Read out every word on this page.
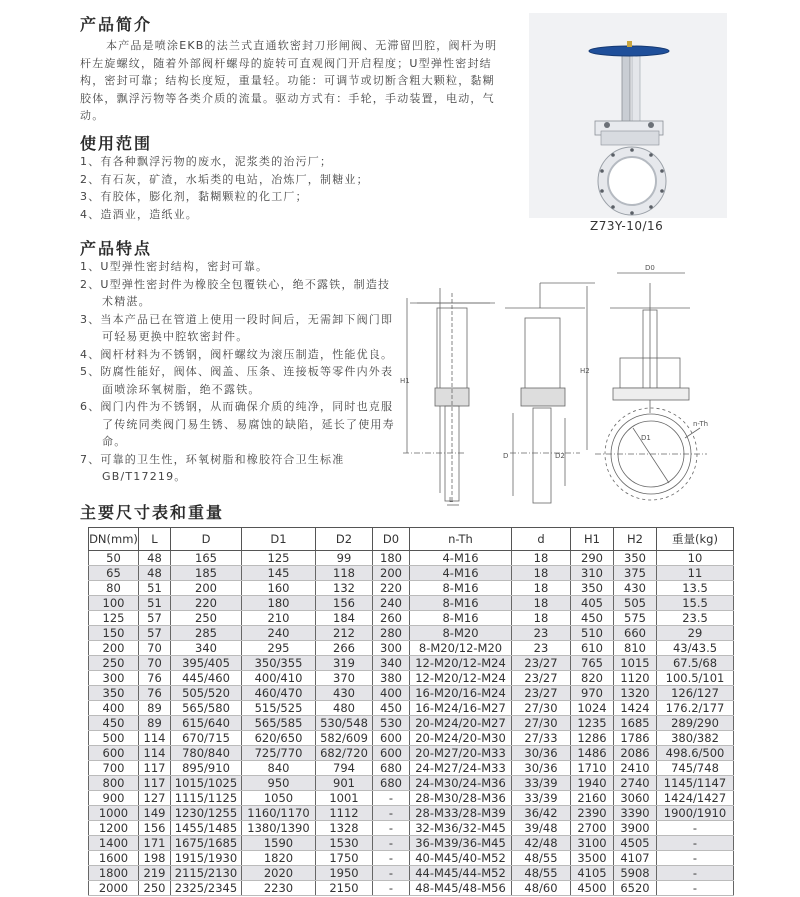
产品简介
本产品是喷涂EKB的法兰式直通软密封刀形闸阀、无滞留凹腔，阀杆为明杆左旋螺纹，随着外部阀杆螺母的旋转可直观阀门开启程度；U型弹性密封结构，密封可靠；结构长度短，重量轻。功能：可调节或切断含粗大颗粒，黏糊胶体，飘浮污物等各类介质的流量。驱动方式有：手轮，手动装置，电动，气动。
使用范围
1、有各种飘浮污物的废水，泥浆类的治污厂；
2、有石灰，矿渣，水垢类的电站，冶炼厂，制糖业；
3、有胶体，膨化剂，黏糊颗粒的化工厂；
4、造酒业，造纸业。
产品特点
1、U型弹性密封结构，密封可靠。
2、U型弹性密封件为橡胶全包覆铁心，绝不露铁，制造技术精湛。
3、当本产品已在管道上使用一段时间后，无需卸下阀门即可轻易更换中腔软密封件。
4、阀杆材料为不锈钢，阀杆螺纹为滚压制造，性能优良。
5、防腐性能好，阀体、阀盖、压条、连接板等零件内外表面喷涂环氧树脂，绝不露铁。
6、阀门内件为不锈钢，从而确保介质的纯净，同时也克服了传统同类阀门易生锈、易腐蚀的缺陷，延长了使用寿命。
7、可靠的卫生性，环氧树脂和橡胶符合卫生标准GB/T17219。
Z73Y-10/16
H1
H2
D	D2
D0
D1
n-Th
L
主要尺寸表和重量
DN(mm)	L	D	D1	D2	D0	n-Th	d	H1	H2	重量(kg)
50	48	165	125	99	180	4-M16	18	290	350	10
65	48	185	145	118	200	4-M16	18	310	375	11
80	51	200	160	132	220	8-M16	18	350	430	13.5
100	51	220	180	156	240	8-M16	18	405	505	15.5
125	57	250	210	184	260	8-M16	18	450	575	23.5
150	57	285	240	212	280	8-M20	23	510	660	29
200	70	340	295	266	300	8-M20/12-M20	23	610	810	43/43.5
250	70	395/405	350/355	319	340	12-M20/12-M24	23/27	765	1015	67.5/68
300	76	445/460	400/410	370	380	12-M20/12-M24	23/27	820	1120	100.5/101
350	76	505/520	460/470	430	400	16-M20/16-M24	23/27	970	1320	126/127
400	89	565/580	515/525	480	450	16-M24/16-M27	27/30	1024	1424	176.2/177
450	89	615/640	565/585	530/548	530	20-M24/20-M27	27/30	1235	1685	289/290
500	114	670/715	620/650	582/609	600	20-M24/20-M30	27/33	1286	1786	380/382
600	114	780/840	725/770	682/720	600	20-M27/20-M33	30/36	1486	2086	498.6/500
700	117	895/910	840	794	680	24-M27/24-M33	30/36	1710	2410	745/748
800	117	1015/1025	950	901	680	24-M30/24-M36	33/39	1940	2740	1145/1147
900	127	1115/1125	1050	1001	-	28-M30/28-M36	33/39	2160	3060	1424/1427
1000	149	1230/1255	1160/1170	1112	-	28-M33/28-M39	36/42	2390	3390	1900/1910
1200	156	1455/1485	1380/1390	1328	-	32-M36/32-M45	39/48	2700	3900	-
1400	171	1675/1685	1590	1530	-	36-M39/36-M45	42/48	3100	4505	-
1600	198	1915/1930	1820	1750	-	40-M45/40-M52	48/55	3500	4107	-
1800	219	2115/2130	2020	1950	-	44-M45/44-M52	48/55	4105	5908	-
2000	250	2325/2345	2230	2150	-	48-M45/48-M56	48/60	4500	6520	-
